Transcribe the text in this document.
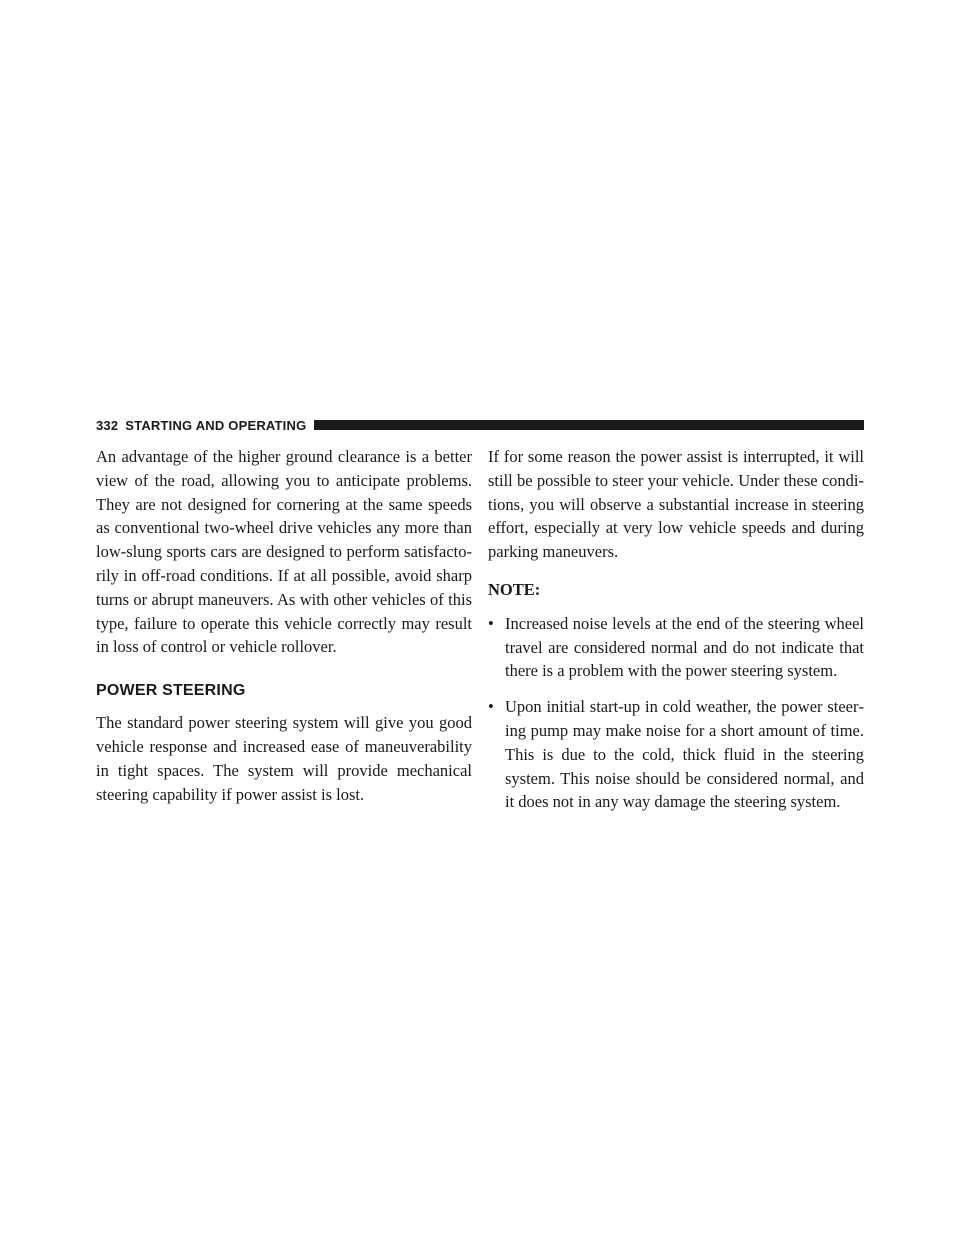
332 STARTING AND OPERATING

An advantage of the higher ground clearance is a better view of the road, allowing you to anticipate problems. They are not designed for cornering at the same speeds as conventional two-wheel drive vehicles any more than low-slung sports cars are designed to perform satisfactorily in off-road conditions. If at all possible, avoid sharp turns or abrupt maneuvers. As with other vehicles of this type, failure to operate this vehicle correctly may result in loss of control or vehicle rollover.

POWER STEERING

The standard power steering system will give you good vehicle response and increased ease of maneuverability in tight spaces. The system will provide mechanical steering capability if power assist is lost.

If for some reason the power assist is interrupted, it will still be possible to steer your vehicle. Under these conditions, you will observe a substantial increase in steering effort, especially at very low vehicle speeds and during parking maneuvers.

NOTE:

• Increased noise levels at the end of the steering wheel travel are considered normal and do not indicate that there is a problem with the power steering system.
• Upon initial start-up in cold weather, the power steering pump may make noise for a short amount of time. This is due to the cold, thick fluid in the steering system. This noise should be considered normal, and it does not in any way damage the steering system.
